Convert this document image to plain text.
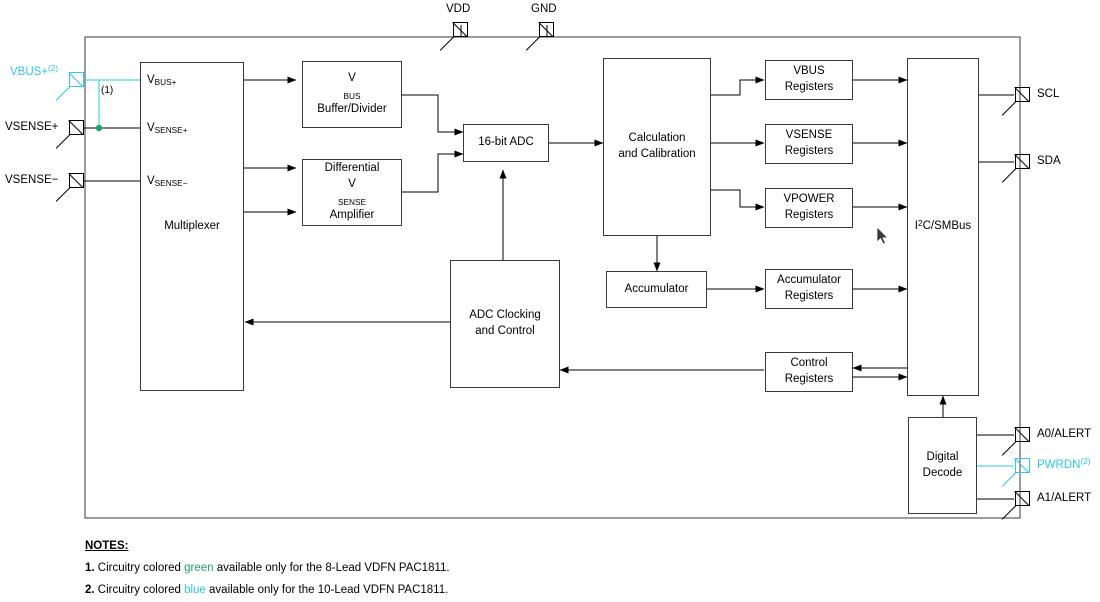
VDD	GND
VBUS+$^{(2)}$
VSENSE+
VSENSE−
(1)	SCL
SDA
A0/ALERT
PWRDN$^{(2)}$
A1/ALERT
Multiplexer
$V_{BUS+}$
$V_{SENSE+}$
$V_{SENSE-}$
V
$_{BUS}$
Buffer/Divider
Differential
V
$_{SENSE}$
Amplifier
16-bit ADC
ADC Clocking
and Control
Calculation
and Calibration
VBUS
Registers
VSENSE
Registers
VPOWER
Registers
Accumulator
Accumulator
Registers
Control
Registers
$I^2C$/SMBus
Digital
Decode
NOTES:
1. Circuitry colored green available only for the 8-Lead VDFN PAC1811.
2. Circuitry colored blue available only for the 10-Lead VDFN PAC1811.
